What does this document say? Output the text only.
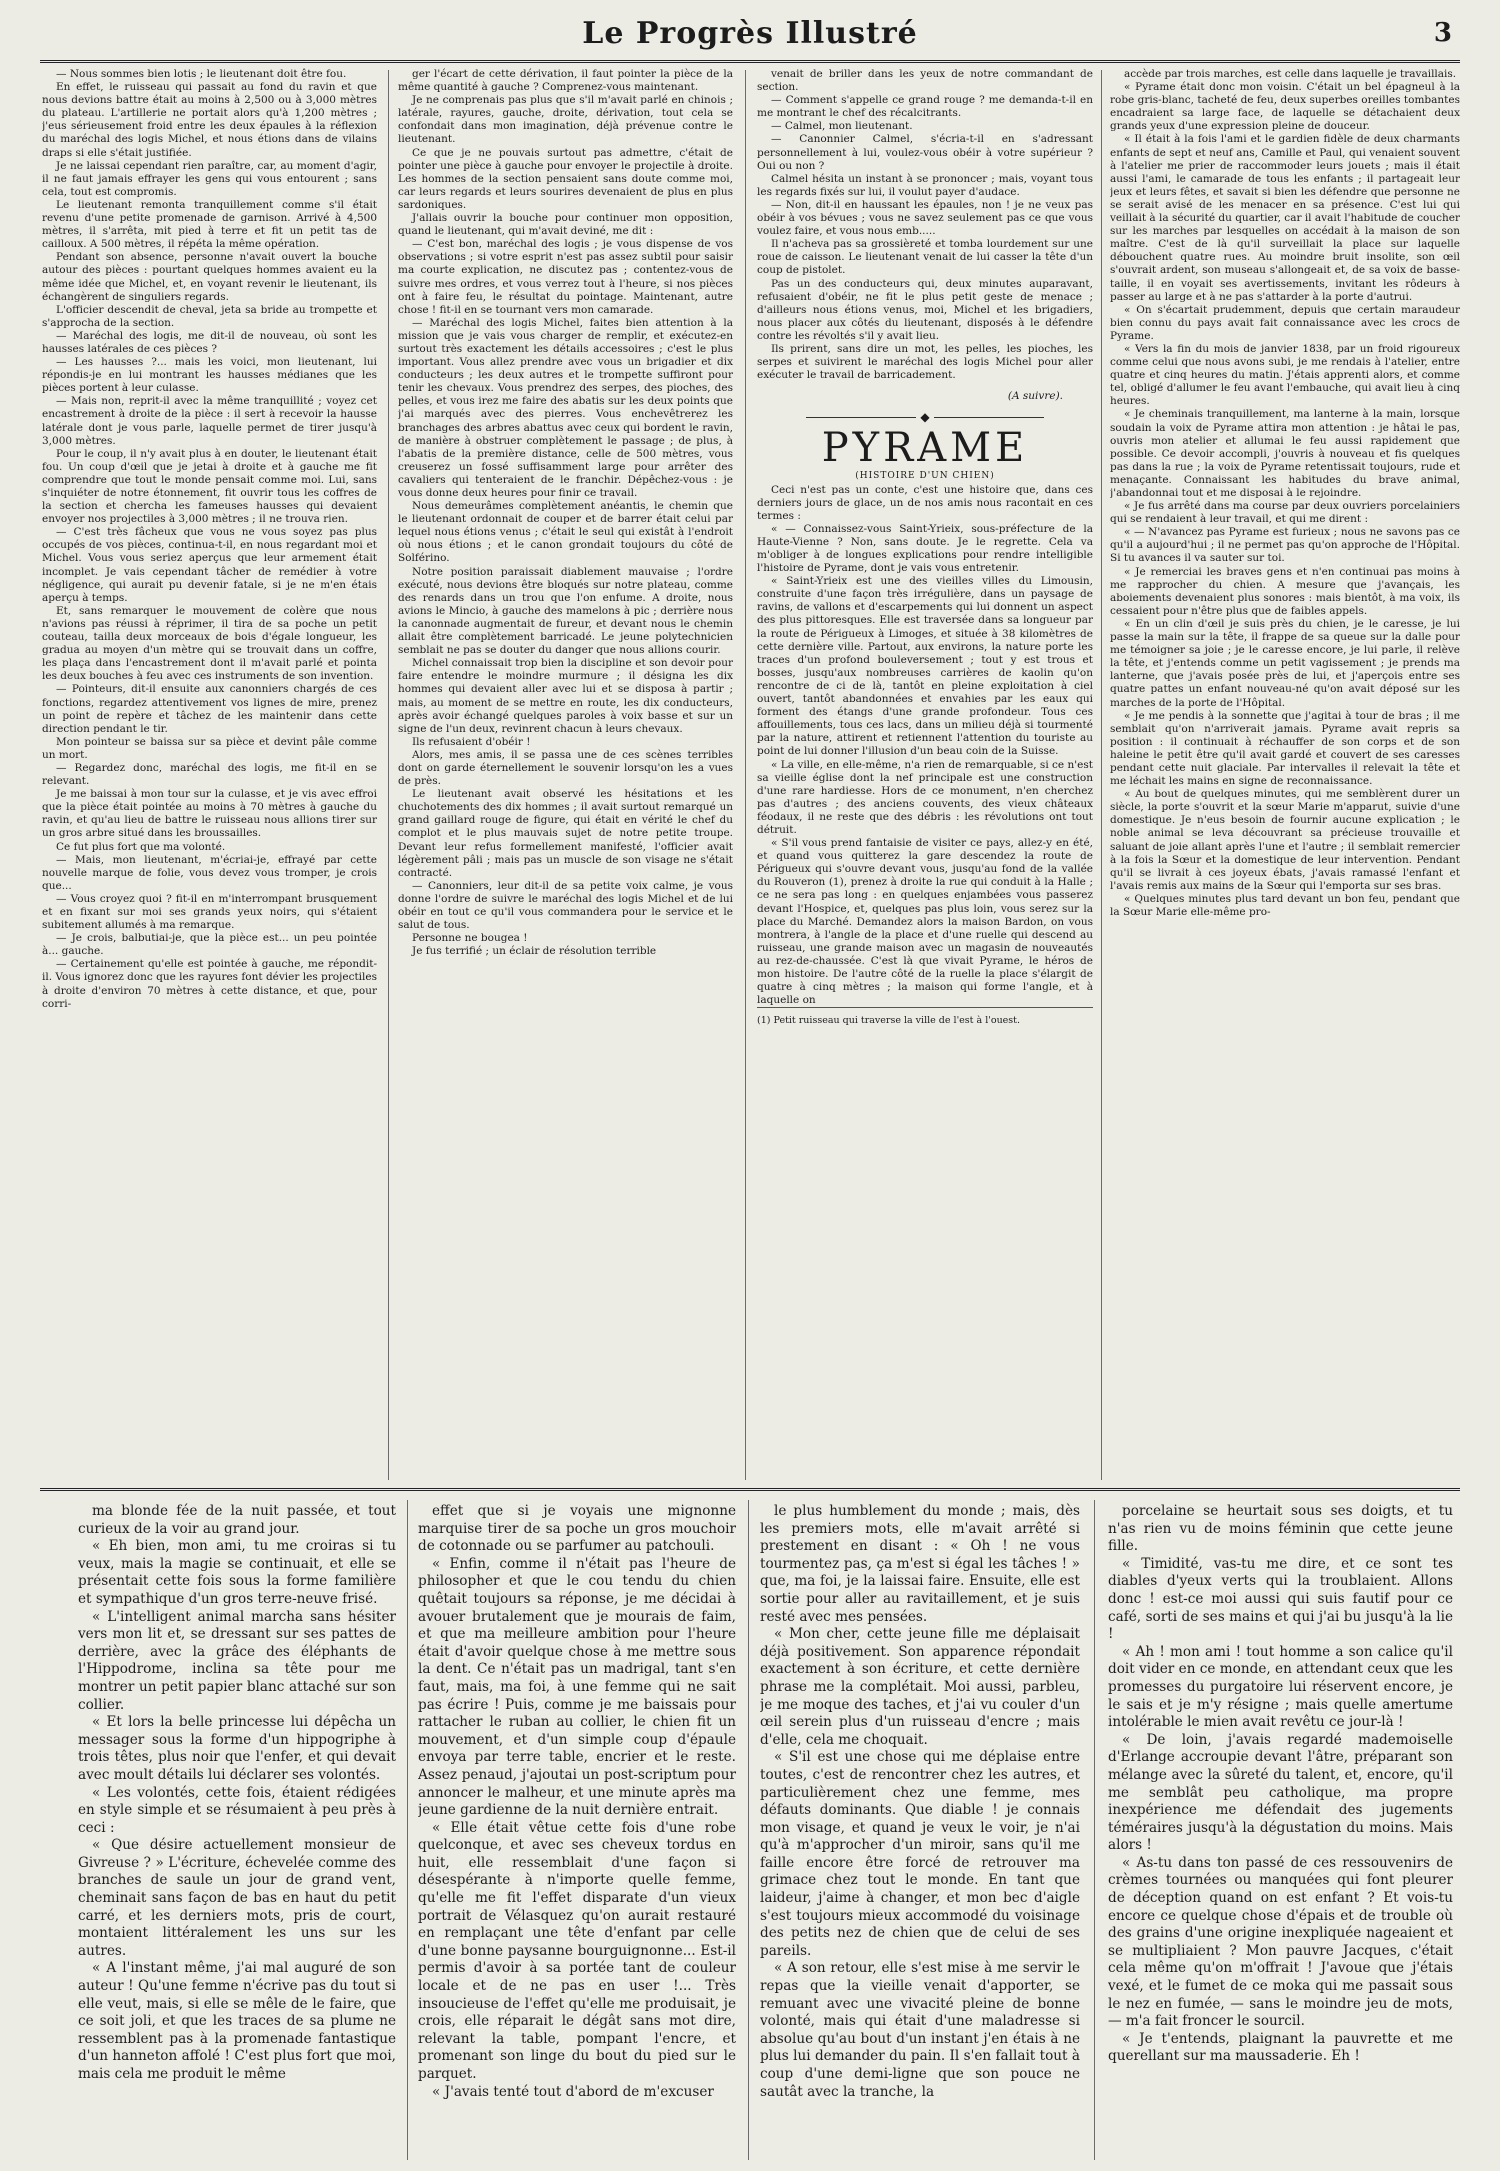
Le Progrès Illustré	3

— Nous sommes bien lotis ; le lieutenant doit être fou.

En effet, le ruisseau qui passait au fond du ravin et que nous devions battre était au moins à 2,500 ou à 3,000 mètres du plateau. L'artillerie ne portait alors qu'à 1,200 mètres ; j'eus sérieusement froid entre les deux épaules à la réflexion du maréchal des logis Michel, et nous étions dans de vilains draps si elle s'était justifiée.

Je ne laissai cependant rien paraître, car, au moment d'agir, il ne faut jamais effrayer les gens qui vous entourent ; sans cela, tout est compromis.

Le lieutenant remonta tranquillement comme s'il était revenu d'une petite promenade de garnison. Arrivé à 4,500 mètres, il s'arrêta, mit pied à terre et fit un petit tas de cailloux. A 500 mètres, il répéta la même opération.

Pendant son absence, personne n'avait ouvert la bouche autour des pièces : pourtant quelques hommes avaient eu la même idée que Michel, et, en voyant revenir le lieutenant, ils échangèrent de singuliers regards.

L'officier descendit de cheval, jeta sa bride au trompette et s'approcha de la section.

— Maréchal des logis, me dit-il de nouveau, où sont les hausses latérales de ces pièces ?

— Les hausses ?... mais les voici, mon lieutenant, lui répondis-je en lui montrant les hausses médianes que les pièces portent à leur culasse.

— Mais non, reprit-il avec la même tranquillité ; voyez cet encastrement à droite de la pièce : il sert à recevoir la hausse latérale dont je vous parle, laquelle permet de tirer jusqu'à 3,000 mètres.

Pour le coup, il n'y avait plus à en douter, le lieutenant était fou. Un coup d'œil que je jetai à droite et à gauche me fit comprendre que tout le monde pensait comme moi. Lui, sans s'inquiéter de notre étonnement, fit ouvrir tous les coffres de la section et chercha les fameuses hausses qui devaient envoyer nos projectiles à 3,000 mètres ; il ne trouva rien.

— C'est très fâcheux que vous ne vous soyez pas plus occupés de vos pièces, continua-t-il, en nous regardant moi et Michel. Vous vous seriez aperçus que leur armement était incomplet. Je vais cependant tâcher de remédier à votre négligence, qui aurait pu devenir fatale, si je ne m'en étais aperçu à temps.

Et, sans remarquer le mouvement de colère que nous n'avions pas réussi à réprimer, il tira de sa poche un petit couteau, tailla deux morceaux de bois d'égale longueur, les gradua au moyen d'un mètre qui se trouvait dans un coffre, les plaça dans l'encastrement dont il m'avait parlé et pointa les deux bouches à feu avec ces instruments de son invention.

— Pointeurs, dit-il ensuite aux canonniers chargés de ces fonctions, regardez attentivement vos lignes de mire, prenez un point de repère et tâchez de les maintenir dans cette direction pendant le tir.

Mon pointeur se baissa sur sa pièce et devint pâle comme un mort.

— Regardez donc, maréchal des logis, me fit-il en se relevant.

Je me baissai à mon tour sur la culasse, et je vis avec effroi que la pièce était pointée au moins à 70 mètres à gauche du ravin, et qu'au lieu de battre le ruisseau nous allions tirer sur un gros arbre situé dans les broussailles.

Ce fut plus fort que ma volonté.

— Mais, mon lieutenant, m'écriai-je, effrayé par cette nouvelle marque de folie, vous devez vous tromper, je crois que...

— Vous croyez quoi ? fit-il en m'interrompant brusquement et en fixant sur moi ses grands yeux noirs, qui s'étaient subitement allumés à ma remarque.

— Je crois, balbutiai-je, que la pièce est... un peu pointée à... gauche.

— Certainement qu'elle est pointée à gauche, me répondit-il. Vous ignorez donc que les rayures font dévier les projectiles à droite d'environ 70 mètres à cette distance, et que, pour corri-

ger l'écart de cette dérivation, il faut pointer la pièce de la même quantité à gauche ? Comprenez-vous maintenant.

Je ne comprenais pas plus que s'il m'avait parlé en chinois ; latérale, rayures, gauche, droite, dérivation, tout cela se confondait dans mon imagination, déjà prévenue contre le lieutenant.

Ce que je ne pouvais surtout pas admettre, c'était de pointer une pièce à gauche pour envoyer le projectile à droite. Les hommes de la section pensaient sans doute comme moi, car leurs regards et leurs sourires devenaient de plus en plus sardoniques.

J'allais ouvrir la bouche pour continuer mon opposition, quand le lieutenant, qui m'avait deviné, me dit :

— C'est bon, maréchal des logis ; je vous dispense de vos observations ; si votre esprit n'est pas assez subtil pour saisir ma courte explication, ne discutez pas ; contentez-vous de suivre mes ordres, et vous verrez tout à l'heure, si nos pièces ont à faire feu, le résultat du pointage. Maintenant, autre chose ! fit-il en se tournant vers mon camarade.

— Maréchal des logis Michel, faites bien attention à la mission que je vais vous charger de remplir, et exécutez-en surtout très exactement les détails accessoires ; c'est le plus important. Vous allez prendre avec vous un brigadier et dix conducteurs ; les deux autres et le trompette suffiront pour tenir les chevaux. Vous prendrez des serpes, des pioches, des pelles, et vous irez me faire des abatis sur les deux points que j'ai marqués avec des pierres. Vous enchevêtrerez les branchages des arbres abattus avec ceux qui bordent le ravin, de manière à obstruer complètement le passage ; de plus, à l'abatis de la première distance, celle de 500 mètres, vous creuserez un fossé suffisamment large pour arrêter des cavaliers qui tenteraient de le franchir. Dépêchez-vous : je vous donne deux heures pour finir ce travail.

Nous demeurâmes complètement anéantis, le chemin que le lieutenant ordonnait de couper et de barrer était celui par lequel nous étions venus ; c'était le seul qui existât à l'endroit où nous étions ; et le canon grondait toujours du côté de Solférino.

Notre position paraissait diablement mauvaise ; l'ordre exécuté, nous devions être bloqués sur notre plateau, comme des renards dans un trou que l'on enfume. A droite, nous avions le Mincio, à gauche des mamelons à pic ; derrière nous la canonnade augmentait de fureur, et devant nous le chemin allait être complètement barricadé. Le jeune polytechnicien semblait ne pas se douter du danger que nous allions courir.

Michel connaissait trop bien la discipline et son devoir pour faire entendre le moindre murmure ; il désigna les dix hommes qui devaient aller avec lui et se disposa à partir ; mais, au moment de se mettre en route, les dix conducteurs, après avoir échangé quelques paroles à voix basse et sur un signe de l'un deux, revinrent chacun à leurs chevaux.

Ils refusaient d'obéir !

Alors, mes amis, il se passa une de ces scènes terribles dont on garde éternellement le souvenir lorsqu'on les a vues de près.

Le lieutenant avait observé les hésitations et les chuchotements des dix hommes ; il avait surtout remarqué un grand gaillard rouge de figure, qui était en vérité le chef du complot et le plus mauvais sujet de notre petite troupe. Devant leur refus formellement manifesté, l'officier avait légèrement pâli ; mais pas un muscle de son visage ne s'était contracté.

— Canonniers, leur dit-il de sa petite voix calme, je vous donne l'ordre de suivre le maréchal des logis Michel et de lui obéir en tout ce qu'il vous commandera pour le service et le salut de tous.

Personne ne bougea !

Je fus terrifié ; un éclair de résolution terrible

venait de briller dans les yeux de notre commandant de section.

— Comment s'appelle ce grand rouge ? me demanda-t-il en me montrant le chef des récalcitrants.

— Calmel, mon lieutenant.

— Canonnier Calmel, s'écria-t-il en s'adressant personnellement à lui, voulez-vous obéir à votre supérieur ? Oui ou non ?

Calmel hésita un instant à se prononcer ; mais, voyant tous les regards fixés sur lui, il voulut payer d'audace.

— Non, dit-il en haussant les épaules, non ! je ne veux pas obéir à vos bévues ; vous ne savez seulement pas ce que vous voulez faire, et vous nous emb.....

Il n'acheva pas sa grossièreté et tomba lourdement sur une roue de caisson. Le lieutenant venait de lui casser la tête d'un coup de pistolet.

Pas un des conducteurs qui, deux minutes auparavant, refusaient d'obéir, ne fit le plus petit geste de menace ; d'ailleurs nous étions venus, moi, Michel et les brigadiers, nous placer aux côtés du lieutenant, disposés à le défendre contre les révoltés s'il y avait lieu.

Ils prirent, sans dire un mot, les pelles, les pioches, les serpes et suivirent le maréchal des logis Michel pour aller exécuter le travail de barricadement.

(A suivre).

◆
PYRAME

(HISTOIRE D'UN CHIEN)

Ceci n'est pas un conte, c'est une histoire que, dans ces derniers jours de glace, un de nos amis nous racontait en ces termes :

« — Connaissez-vous Saint-Yrieix, sous-préfecture de la Haute-Vienne ? Non, sans doute. Je le regrette. Cela va m'obliger à de longues explications pour rendre intelligible l'histoire de Pyrame, dont je vais vous entretenir.

« Saint-Yrieix est une des vieilles villes du Limousin, construite d'une façon très irrégulière, dans un paysage de ravins, de vallons et d'escarpements qui lui donnent un aspect des plus pittoresques. Elle est traversée dans sa longueur par la route de Périgueux à Limoges, et située à 38 kilomètres de cette dernière ville. Partout, aux environs, la nature porte les traces d'un profond bouleversement ; tout y est trous et bosses, jusqu'aux nombreuses carrières de kaolin qu'on rencontre de ci de là, tantôt en pleine exploitation à ciel ouvert, tantôt abandonnées et envahies par les eaux qui forment des étangs d'une grande profondeur. Tous ces affouillements, tous ces lacs, dans un milieu déjà si tourmenté par la nature, attirent et retiennent l'attention du touriste au point de lui donner l'illusion d'un beau coin de la Suisse.

« La ville, en elle-même, n'a rien de remarquable, si ce n'est sa vieille église dont la nef principale est une construction d'une rare hardiesse. Hors de ce monument, n'en cherchez pas d'autres ; des anciens couvents, des vieux châteaux féodaux, il ne reste que des débris : les révolutions ont tout détruit.

« S'il vous prend fantaisie de visiter ce pays, allez-y en été, et quand vous quitterez la gare descendez la route de Périgueux qui s'ouvre devant vous, jusqu'au fond de la vallée du Rouveron (1), prenez à droite la rue qui conduit à la Halle ; ce ne sera pas long : en quelques enjambées vous passerez devant l'Hospice, et, quelques pas plus loin, vous serez sur la place du Marché. Demandez alors la maison Bardon, on vous montrera, à l'angle de la place et d'une ruelle qui descend au ruisseau, une grande maison avec un magasin de nouveautés au rez-de-chaussée. C'est là que vivait Pyrame, le héros de mon histoire. De l'autre côté de la ruelle la place s'élargit de quatre à cinq mètres ; la maison qui forme l'angle, et à laquelle on

(1) Petit ruisseau qui traverse la ville de l'est à l'ouest.

accède par trois marches, est celle dans laquelle je travaillais.

« Pyrame était donc mon voisin. C'était un bel épagneul à la robe gris-blanc, tacheté de feu, deux superbes oreilles tombantes encadraient sa large face, de laquelle se détachaient deux grands yeux d'une expression pleine de douceur.

« Il était à la fois l'ami et le gardien fidèle de deux charmants enfants de sept et neuf ans, Camille et Paul, qui venaient souvent à l'atelier me prier de raccommoder leurs jouets ; mais il était aussi l'ami, le camarade de tous les enfants ; il partageait leur jeux et leurs fêtes, et savait si bien les défendre que personne ne se serait avisé de les menacer en sa présence. C'est lui qui veillait à la sécurité du quartier, car il avait l'habitude de coucher sur les marches par lesquelles on accédait à la maison de son maître. C'est de là qu'il surveillait la place sur laquelle débouchent quatre rues. Au moindre bruit insolite, son œil s'ouvrait ardent, son museau s'allongeait et, de sa voix de basse-taille, il en voyait ses avertissements, invitant les rôdeurs à passer au large et à ne pas s'attarder à la porte d'autrui.

« On s'écartait prudemment, depuis que certain maraudeur bien connu du pays avait fait connaissance avec les crocs de Pyrame.

« Vers la fin du mois de janvier 1838, par un froid rigoureux comme celui que nous avons subi, je me rendais à l'atelier, entre quatre et cinq heures du matin. J'étais apprenti alors, et comme tel, obligé d'allumer le feu avant l'embauche, qui avait lieu à cinq heures.

« Je cheminais tranquillement, ma lanterne à la main, lorsque soudain la voix de Pyrame attira mon attention : je hâtai le pas, ouvris mon atelier et allumai le feu aussi rapidement que possible. Ce devoir accompli, j'ouvris à nouveau et fis quelques pas dans la rue ; la voix de Pyrame retentissait toujours, rude et menaçante. Connaissant les habitudes du brave animal, j'abandonnai tout et me disposai à le rejoindre.

« Je fus arrêté dans ma course par deux ouvriers porcelainiers qui se rendaient à leur travail, et qui me dirent :

« — N'avancez pas Pyrame est furieux ; nous ne savons pas ce qu'il a aujourd'hui ; il ne permet pas qu'on approche de l'Hôpital. Si tu avances il va sauter sur toi.

« Je remerciai les braves gens et n'en continuai pas moins à me rapprocher du chien. A mesure que j'avançais, les aboiements devenaient plus sonores : mais bientôt, à ma voix, ils cessaient pour n'être plus que de faibles appels.

« En un clin d'œil je suis près du chien, je le caresse, je lui passe la main sur la tête, il frappe de sa queue sur la dalle pour me témoigner sa joie ; je le caresse encore, je lui parle, il relève la tête, et j'entends comme un petit vagissement ; je prends ma lanterne, que j'avais posée près de lui, et j'aperçois entre ses quatre pattes un enfant nouveau-né qu'on avait déposé sur les marches de la porte de l'Hôpital.

« Je me pendis à la sonnette que j'agitai à tour de bras ; il me semblait qu'on n'arriverait jamais. Pyrame avait repris sa position : il continuait à réchauffer de son corps et de son haleine le petit être qu'il avait gardé et couvert de ses caresses pendant cette nuit glaciale. Par intervalles il relevait la tête et me léchait les mains en signe de reconnaissance.

« Au bout de quelques minutes, qui me semblèrent durer un siècle, la porte s'ouvrit et la sœur Marie m'apparut, suivie d'une domestique. Je n'eus besoin de fournir aucune explication ; le noble animal se leva découvrant sa précieuse trouvaille et saluant de joie allant après l'une et l'autre ; il semblait remercier à la fois la Sœur et la domestique de leur intervention. Pendant qu'il se livrait à ces joyeux ébats, j'avais ramassé l'enfant et l'avais remis aux mains de la Sœur qui l'emporta sur ses bras.

« Quelques minutes plus tard devant un bon feu, pendant que la Sœur Marie elle-même pro-

ma blonde fée de la nuit passée, et tout curieux de la voir au grand jour.

« Eh bien, mon ami, tu me croiras si tu veux, mais la magie se continuait, et elle se présentait cette fois sous la forme familière et sympathique d'un gros terre-neuve frisé.

« L'intelligent animal marcha sans hésiter vers mon lit et, se dressant sur ses pattes de derrière, avec la grâce des éléphants de l'Hippodrome, inclina sa tête pour me montrer un petit papier blanc attaché sur son collier.

« Et lors la belle princesse lui dépêcha un messager sous la forme d'un hippogriphe à trois têtes, plus noir que l'enfer, et qui devait avec moult détails lui déclarer ses volontés.

« Les volontés, cette fois, étaient rédigées en style simple et se résumaient à peu près à ceci :

« Que désire actuellement monsieur de Givreuse ? » L'écriture, échevelée comme des branches de saule un jour de grand vent, cheminait sans façon de bas en haut du petit carré, et les derniers mots, pris de court, montaient littéralement les uns sur les autres.

« A l'instant même, j'ai mal auguré de son auteur ! Qu'une femme n'écrive pas du tout si elle veut, mais, si elle se mêle de le faire, que ce soit joli, et que les traces de sa plume ne ressemblent pas à la promenade fantastique d'un hanneton affolé ! C'est plus fort que moi, mais cela me produit le même

effet que si je voyais une mignonne marquise tirer de sa poche un gros mouchoir de cotonnade ou se parfumer au patchouli.

« Enfin, comme il n'était pas l'heure de philosopher et que le cou tendu du chien quêtait toujours sa réponse, je me décidai à avouer brutalement que je mourais de faim, et que ma meilleure ambition pour l'heure était d'avoir quelque chose à me mettre sous la dent. Ce n'était pas un madrigal, tant s'en faut, mais, ma foi, à une femme qui ne sait pas écrire ! Puis, comme je me baissais pour rattacher le ruban au collier, le chien fit un mouvement, et d'un simple coup d'épaule envoya par terre table, encrier et le reste. Assez penaud, j'ajoutai un post-scriptum pour annoncer le malheur, et une minute après ma jeune gardienne de la nuit dernière entrait.

« Elle était vêtue cette fois d'une robe quelconque, et avec ses cheveux tordus en huit, elle ressemblait d'une façon si désespérante à n'importe quelle femme, qu'elle me fit l'effet disparate d'un vieux portrait de Vélasquez qu'on aurait restauré en remplaçant une tête d'enfant par celle d'une bonne paysanne bourguignonne... Est-il permis d'avoir à sa portée tant de couleur locale et de ne pas en user !... Très insoucieuse de l'effet qu'elle me produisait, je crois, elle réparait le dégât sans mot dire, relevant la table, pompant l'encre, et promenant son linge du bout du pied sur le parquet.

« J'avais tenté tout d'abord de m'excuser

le plus humblement du monde ; mais, dès les premiers mots, elle m'avait arrêté si prestement en disant : « Oh ! ne vous tourmentez pas, ça m'est si égal les tâches ! » que, ma foi, je la laissai faire. Ensuite, elle est sortie pour aller au ravitaillement, et je suis resté avec mes pensées.

« Mon cher, cette jeune fille me déplaisait déjà positivement. Son apparence répondait exactement à son écriture, et cette dernière phrase me la complétait. Moi aussi, parbleu, je me moque des taches, et j'ai vu couler d'un œil serein plus d'un ruisseau d'encre ; mais d'elle, cela me choquait.

« S'il est une chose qui me déplaise entre toutes, c'est de rencontrer chez les autres, et particulièrement chez une femme, mes défauts dominants. Que diable ! je connais mon visage, et quand je veux le voir, je n'ai qu'à m'approcher d'un miroir, sans qu'il me faille encore être forcé de retrouver ma grimace chez tout le monde. En tant que laideur, j'aime à changer, et mon bec d'aigle s'est toujours mieux accommodé du voisinage des petits nez de chien que de celui de ses pareils.

« A son retour, elle s'est mise à me servir le repas que la vieille venait d'apporter, se remuant avec une vivacité pleine de bonne volonté, mais qui était d'une maladresse si absolue qu'au bout d'un instant j'en étais à ne plus lui demander du pain. Il s'en fallait tout à coup d'une demi-ligne que son pouce ne sautât avec la tranche, la

porcelaine se heurtait sous ses doigts, et tu n'as rien vu de moins féminin que cette jeune fille.

« Timidité, vas-tu me dire, et ce sont tes diables d'yeux verts qui la troublaient. Allons donc ! est-ce moi aussi qui suis fautif pour ce café, sorti de ses mains et qui j'ai bu jusqu'à la lie !

« Ah ! mon ami ! tout homme a son calice qu'il doit vider en ce monde, en attendant ceux que les promesses du purgatoire lui réservent encore, je le sais et je m'y résigne ; mais quelle amertume intolérable le mien avait revêtu ce jour-là !

« De loin, j'avais regardé mademoiselle d'Erlange accroupie devant l'âtre, préparant son mélange avec la sûreté du talent, et, encore, qu'il me semblât peu catholique, ma propre inexpérience me défendait des jugements téméraires jusqu'à la dégustation du moins. Mais alors !

« As-tu dans ton passé de ces ressouvenirs de crèmes tournées ou manquées qui font pleurer de déception quand on est enfant ? Et vois-tu encore ce quelque chose d'épais et de trouble où des grains d'une origine inexpliquée nageaient et se multipliaient ? Mon pauvre Jacques, c'était cela même qu'on m'offrait ! J'avoue que j'étais vexé, et le fumet de ce moka qui me passait sous le nez en fumée, — sans le moindre jeu de mots, — m'a fait froncer le sourcil.

« Je t'entends, plaignant la pauvrette et me querellant sur ma maussaderie. Eh !
